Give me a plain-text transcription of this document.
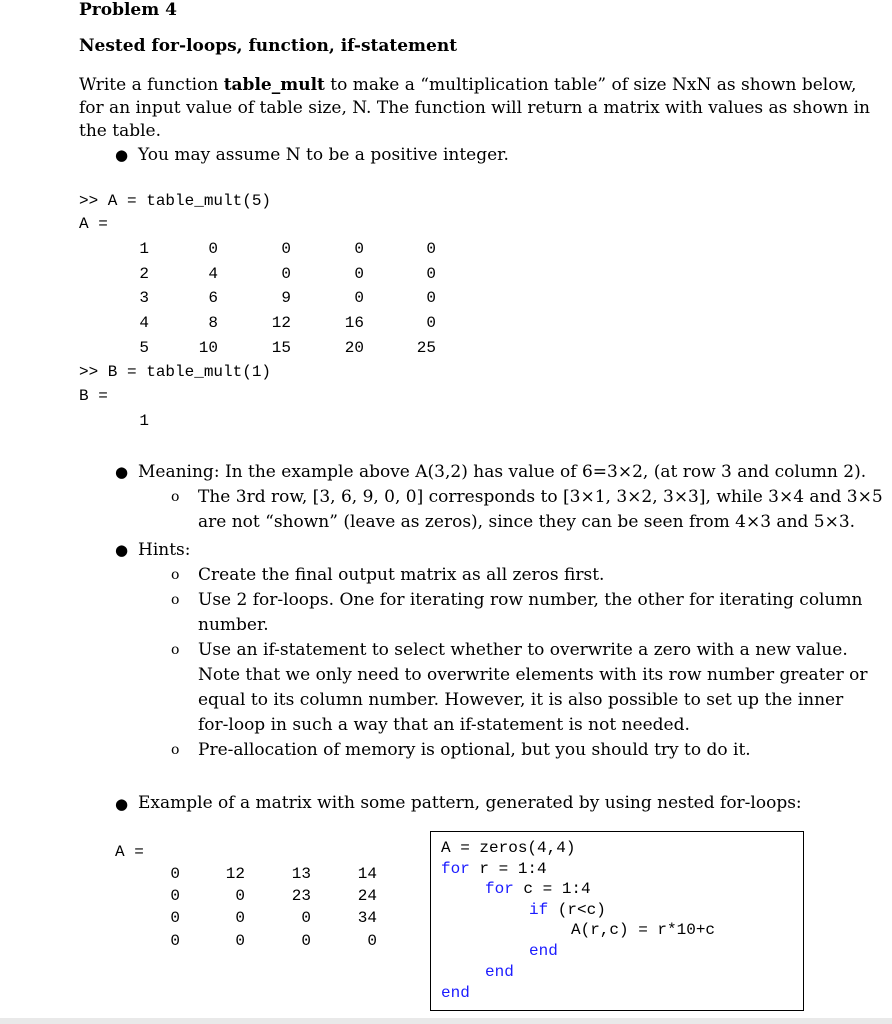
Problem 4
Nested for-loops, function, if-statement
Write a function table_mult to make a “multiplication table” of size NxN as shown below,
for an input value of table size, N. The function will return a matrix with values as shown in
the table.
● You may assume N to be a positive integer.
>> A = table_mult(5)
A =
1	0	0	0	0
2	4	0	0	0
3	6	9	0	0
4	8	12	16	0
5	10	15	20	25
>> B = table_mult(1)
B =
1
● Meaning: In the example above A(3,2) has value of 6=3×2, (at row 3 and column 2).
o The 3rd row, [3, 6, 9, 0, 0] corresponds to [3×1, 3×2, 3×3], while 3×4 and 3×5
are not “shown” (leave as zeros), since they can be seen from 4×3 and 5×3.
● Hints:
o Create the final output matrix as all zeros first.
o Use 2 for-loops. One for iterating row number, the other for iterating column
number.
o Use an if-statement to select whether to overwrite a zero with a new value.
Note that we only need to overwrite elements with its row number greater or
equal to its column number. However, it is also possible to set up the inner
for-loop in such a way that an if-statement is not needed.
o Pre-allocation of memory is optional, but you should try to do it.
● Example of a matrix with some pattern, generated by using nested for-loops:
A =
0	12	13	14
0	0	23	24
0	0	0	34
0	0	0	0
A = zeros(4,4)
for r = 1:4
for c = 1:4
if (r<c)
A(r,c) = r*10+c
end
end
end
